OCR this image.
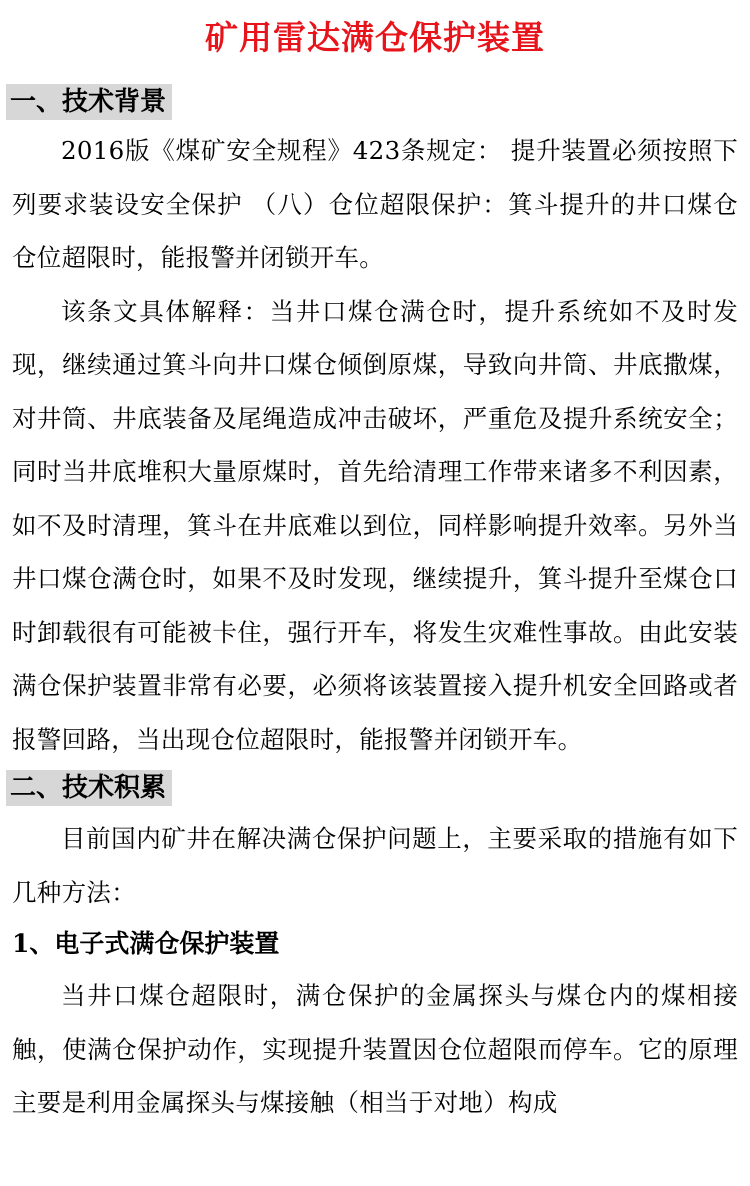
矿用雷达满仓保护装置
一、技术背景

2016版《煤矿安全规程》423条规定： 提升装置必须按照下列要求装设安全保护 （八）仓位超限保护：箕斗提升的井口煤仓仓位超限时，能报警并闭锁开车。

该条文具体解释：当井口煤仓满仓时，提升系统如不及时发现，继续通过箕斗向井口煤仓倾倒原煤，导致向井筒、井底撒煤，对井筒、井底装备及尾绳造成冲击破坏，严重危及提升系统安全；同时当井底堆积大量原煤时，首先给清理工作带来诸多不利因素，如不及时清理，箕斗在井底难以到位，同样影响提升效率。另外当井口煤仓满仓时，如果不及时发现，继续提升，箕斗提升至煤仓口时卸载很有可能被卡住，强行开车，将发生灾难性事故。由此安装满仓保护装置非常有必要，必须将该装置接入提升机安全回路或者报警回路，当出现仓位超限时，能报警并闭锁开车。

二、技术积累

目前国内矿井在解决满仓保护问题上，主要采取的措施有如下几种方法：

1、电子式满仓保护装置

当井口煤仓超限时，满仓保护的金属探头与煤仓内的煤相接触，使满仓保护动作，实现提升装置因仓位超限而停车。它的原理主要是利用金属探头与煤接触（相当于对地）构成
